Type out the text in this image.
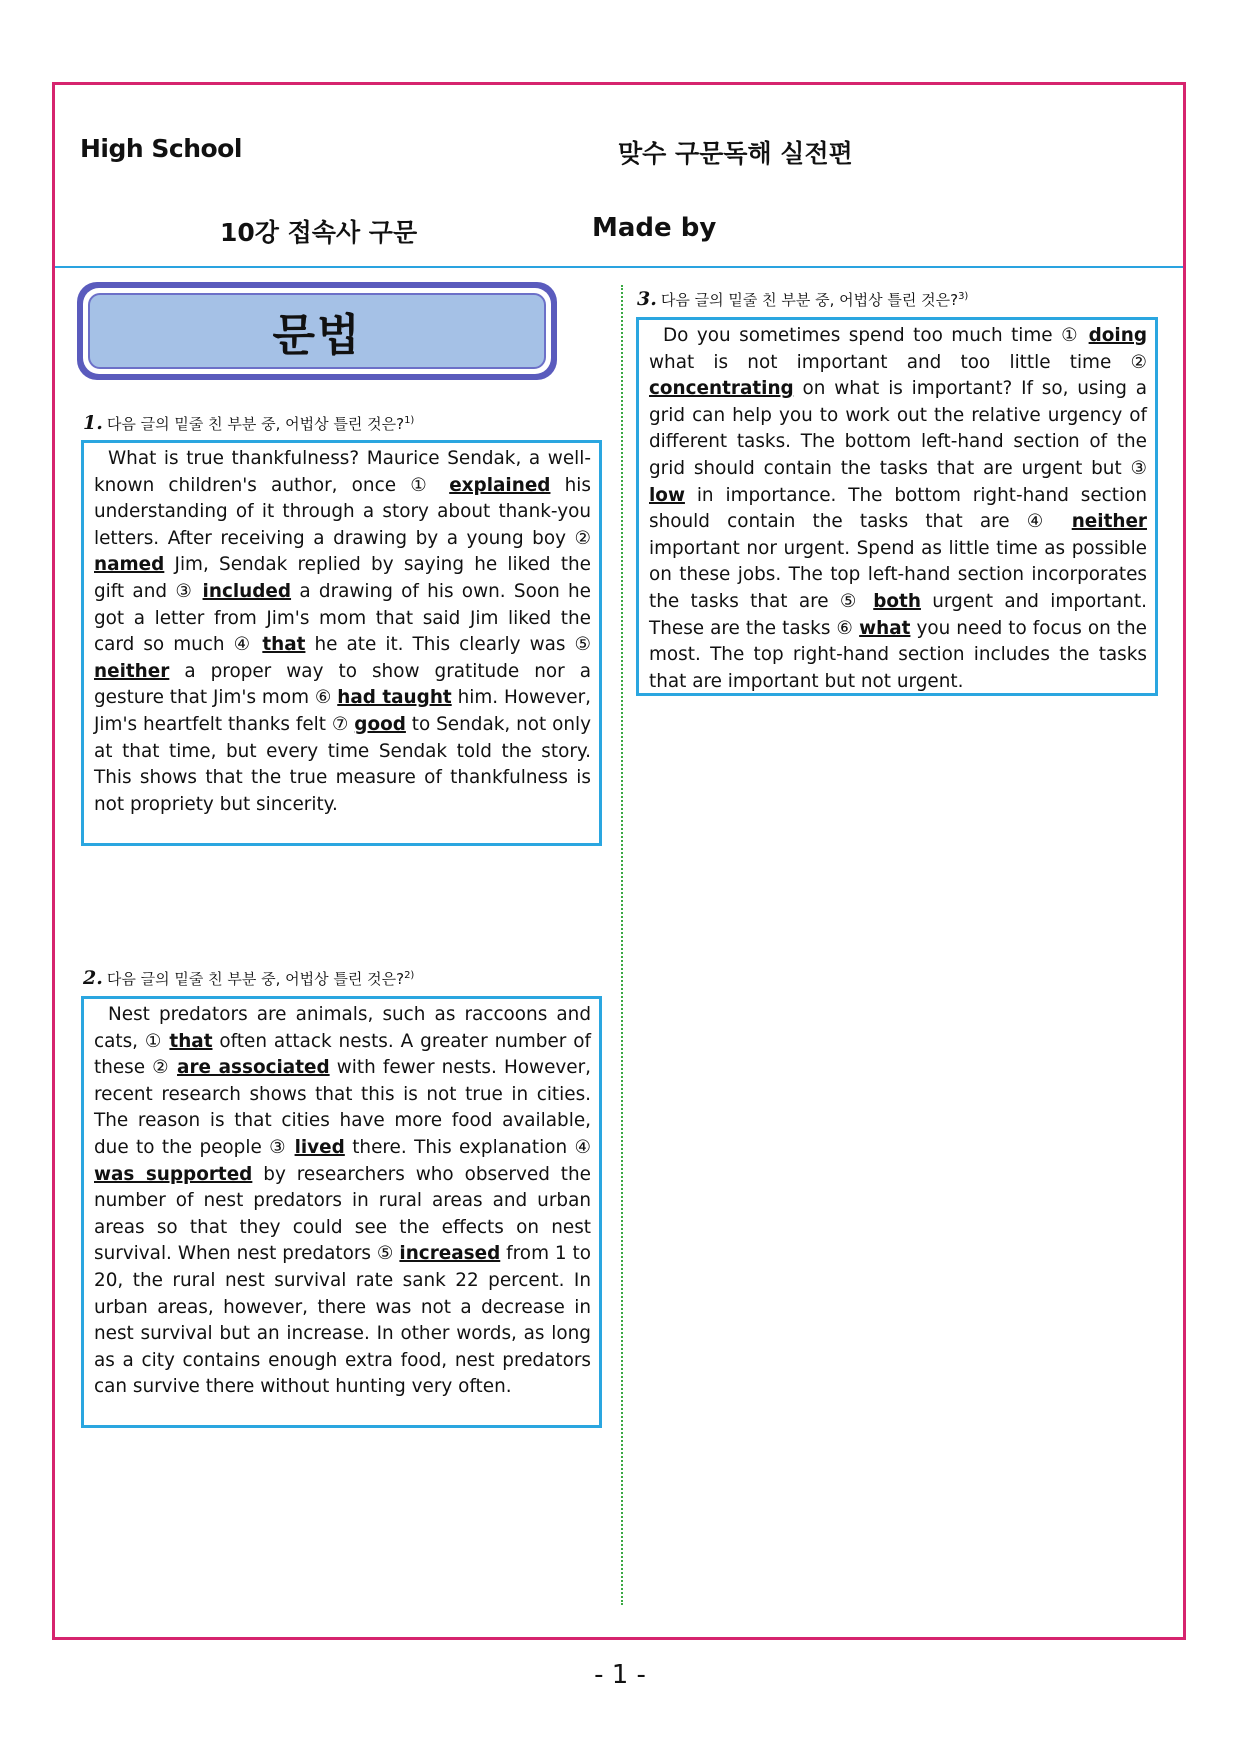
High School	맞수 구문독해 실전편
10강 접속사 구문	Made by
문법
1. 다음 글의 밑줄 친 부분 중, 어법상 틀린 것은?$^{1)}$
What is true thankfulness? Maurice Sendak, a well-known children's author, once ① explained his understanding of it through a story about thank-you letters. After receiving a drawing by a young boy ② named Jim, Sendak replied by saying he liked the gift and ③ included a drawing of his own. Soon he got a letter from Jim's mom that said Jim liked the card so much ④ that he ate it. This clearly was ⑤ neither a proper way to show gratitude nor a gesture that Jim's mom ⑥ had taught him. However, Jim's heartfelt thanks felt ⑦ good to Sendak, not only at that time, but every time Sendak told the story. This shows that the true measure of thankfulness is not propriety but sincerity.
2. 다음 글의 밑줄 친 부분 중, 어법상 틀린 것은?$^{2)}$
Nest predators are animals, such as raccoons and cats, ① that often attack nests. A greater number of these ② are associated with fewer nests. However, recent research shows that this is not true in cities. The reason is that cities have more food available, due to the people ③ lived there. This explanation ④ was supported by researchers who observed the number of nest predators in rural areas and urban areas so that they could see the effects on nest survival. When nest predators ⑤ increased from 1 to 20, the rural nest survival rate sank 22 percent. In urban areas, however, there was not a decrease in nest survival but an increase. In other words, as long as a city contains enough extra food, nest predators can survive there without hunting very often.
3. 다음 글의 밑줄 친 부분 중, 어법상 틀린 것은?$^{3)}$
Do you sometimes spend too much time ① doing what is not important and too little time ② concentrating on what is important? If so, using a grid can help you to work out the relative urgency of different tasks. The bottom left-hand section of the grid should contain the tasks that are urgent but ③ low in importance. The bottom right-hand section should contain the tasks that are ④ neither important nor urgent. Spend as little time as possible on these jobs. The top left-hand section incorporates the tasks that are ⑤ both urgent and important. These are the tasks ⑥ what you need to focus on the most. The top right-hand section includes the tasks that are important but not urgent.
- 1 -
